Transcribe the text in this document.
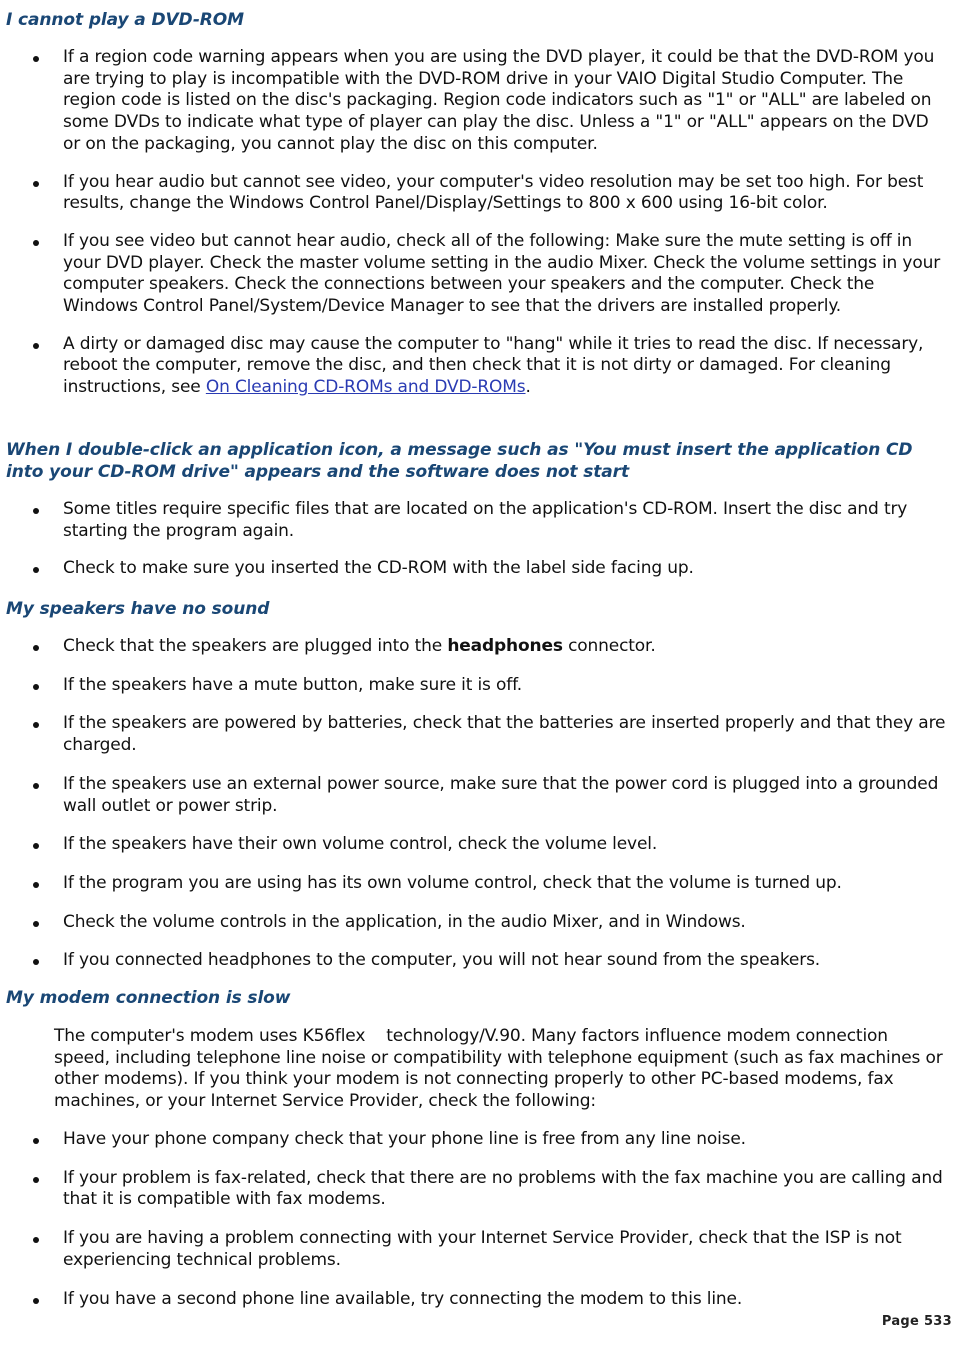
I cannot play a DVD-ROM
If a region code warning appears when you are using the DVD player, it could be that the DVD-ROM you are trying to play is incompatible with the DVD-ROM drive in your VAIO Digital Studio Computer. The region code is listed on the disc's packaging. Region code indicators such as "1" or "ALL" are labeled on some DVDs to indicate what type of player can play the disc. Unless a "1" or "ALL" appears on the DVD or on the packaging, you cannot play the disc on this computer.
If you hear audio but cannot see video, your computer's video resolution may be set too high. For best results, change the Windows Control Panel/Display/Settings to 800 x 600 using 16-bit color.
If you see video but cannot hear audio, check all of the following: Make sure the mute setting is off in your DVD player. Check the master volume setting in the audio Mixer. Check the volume settings in your computer speakers. Check the connections between your speakers and the computer. Check the Windows Control Panel/System/Device Manager to see that the drivers are installed properly.
A dirty or damaged disc may cause the computer to "hang" while it tries to read the disc. If necessary, reboot the computer, remove the disc, and then check that it is not dirty or damaged. For cleaning instructions, see On Cleaning CD-ROMs and DVD-ROMs.
When I double-click an application icon, a message such as "You must insert the application CD into your CD-ROM drive" appears and the software does not start
Some titles require specific files that are located on the application's CD-ROM. Insert the disc and try starting the program again.
Check to make sure you inserted the CD-ROM with the label side facing up.
My speakers have no sound
Check that the speakers are plugged into the headphones connector.
If the speakers have a mute button, make sure it is off.
If the speakers are powered by batteries, check that the batteries are inserted properly and that they are charged.
If the speakers use an external power source, make sure that the power cord is plugged into a grounded wall outlet or power strip.
If the speakers have their own volume control, check the volume level.
If the program you are using has its own volume control, check that the volume is turned up.
Check the volume controls in the application, in the audio Mixer, and in Windows.
If you connected headphones to the computer, you will not hear sound from the speakers.
My modem connection is slow

The computer's modem uses K56flex    technology/V.90. Many factors influence modem connection speed, including telephone line noise or compatibility with telephone equipment (such as fax machines or other modems). If you think your modem is not connecting properly to other PC-based modems, fax machines, or your Internet Service Provider, check the following:

Have your phone company check that your phone line is free from any line noise.
If your problem is fax-related, check that there are no problems with the fax machine you are calling and that it is compatible with fax modems.
If you are having a problem connecting with your Internet Service Provider, check that the ISP is not experiencing technical problems.
If you have a second phone line available, try connecting the modem to this line.
Page 533
